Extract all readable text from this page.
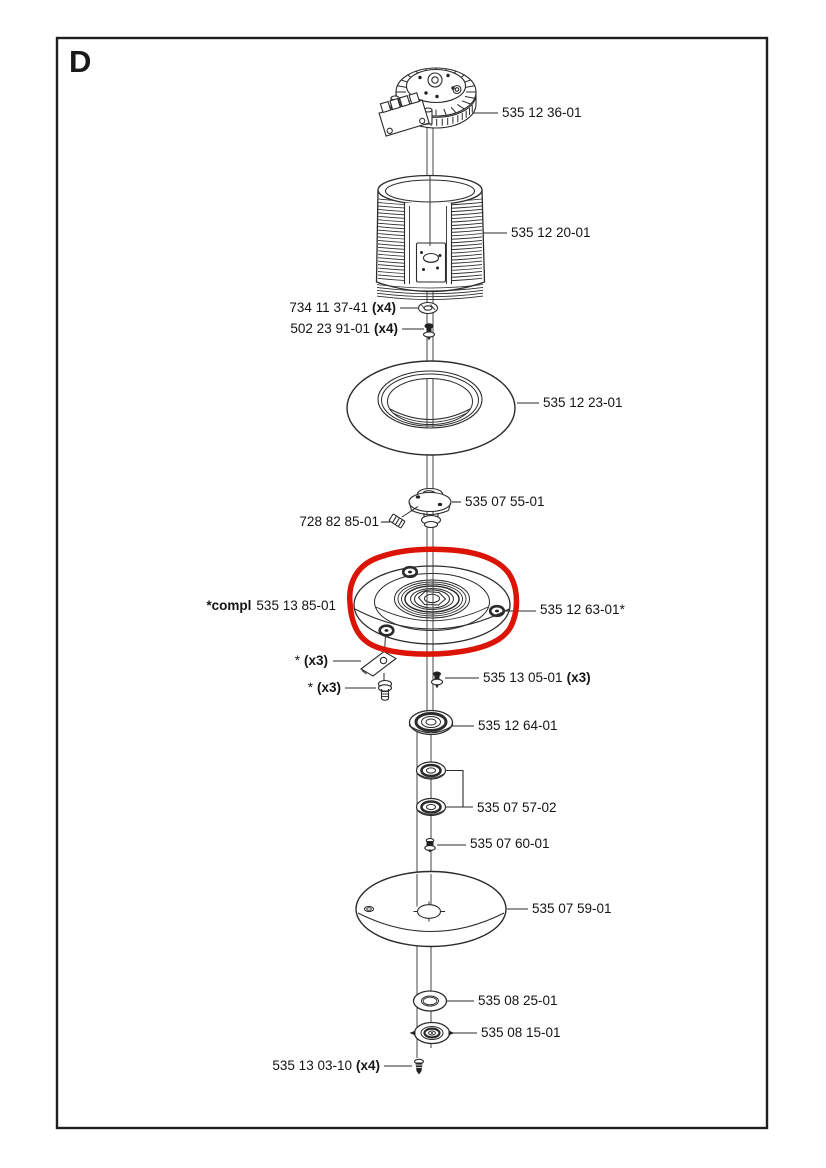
D
535 12 36-01
535 12 20-01
734 11 37-41 (x4)
502 23 91-01 (x4)
535 12 23-01
535 07 55-01
728 82 85-01
*compl 535 13 85-01	535 12 63-01*
* (x3)
* (x3)
535 13 05-01 (x3)
535 12 64-01
535 07 57-02
535 07 60-01
535 07 59-01
535 08 25-01
535 08 15-01
535 13 03-10 (x4)
